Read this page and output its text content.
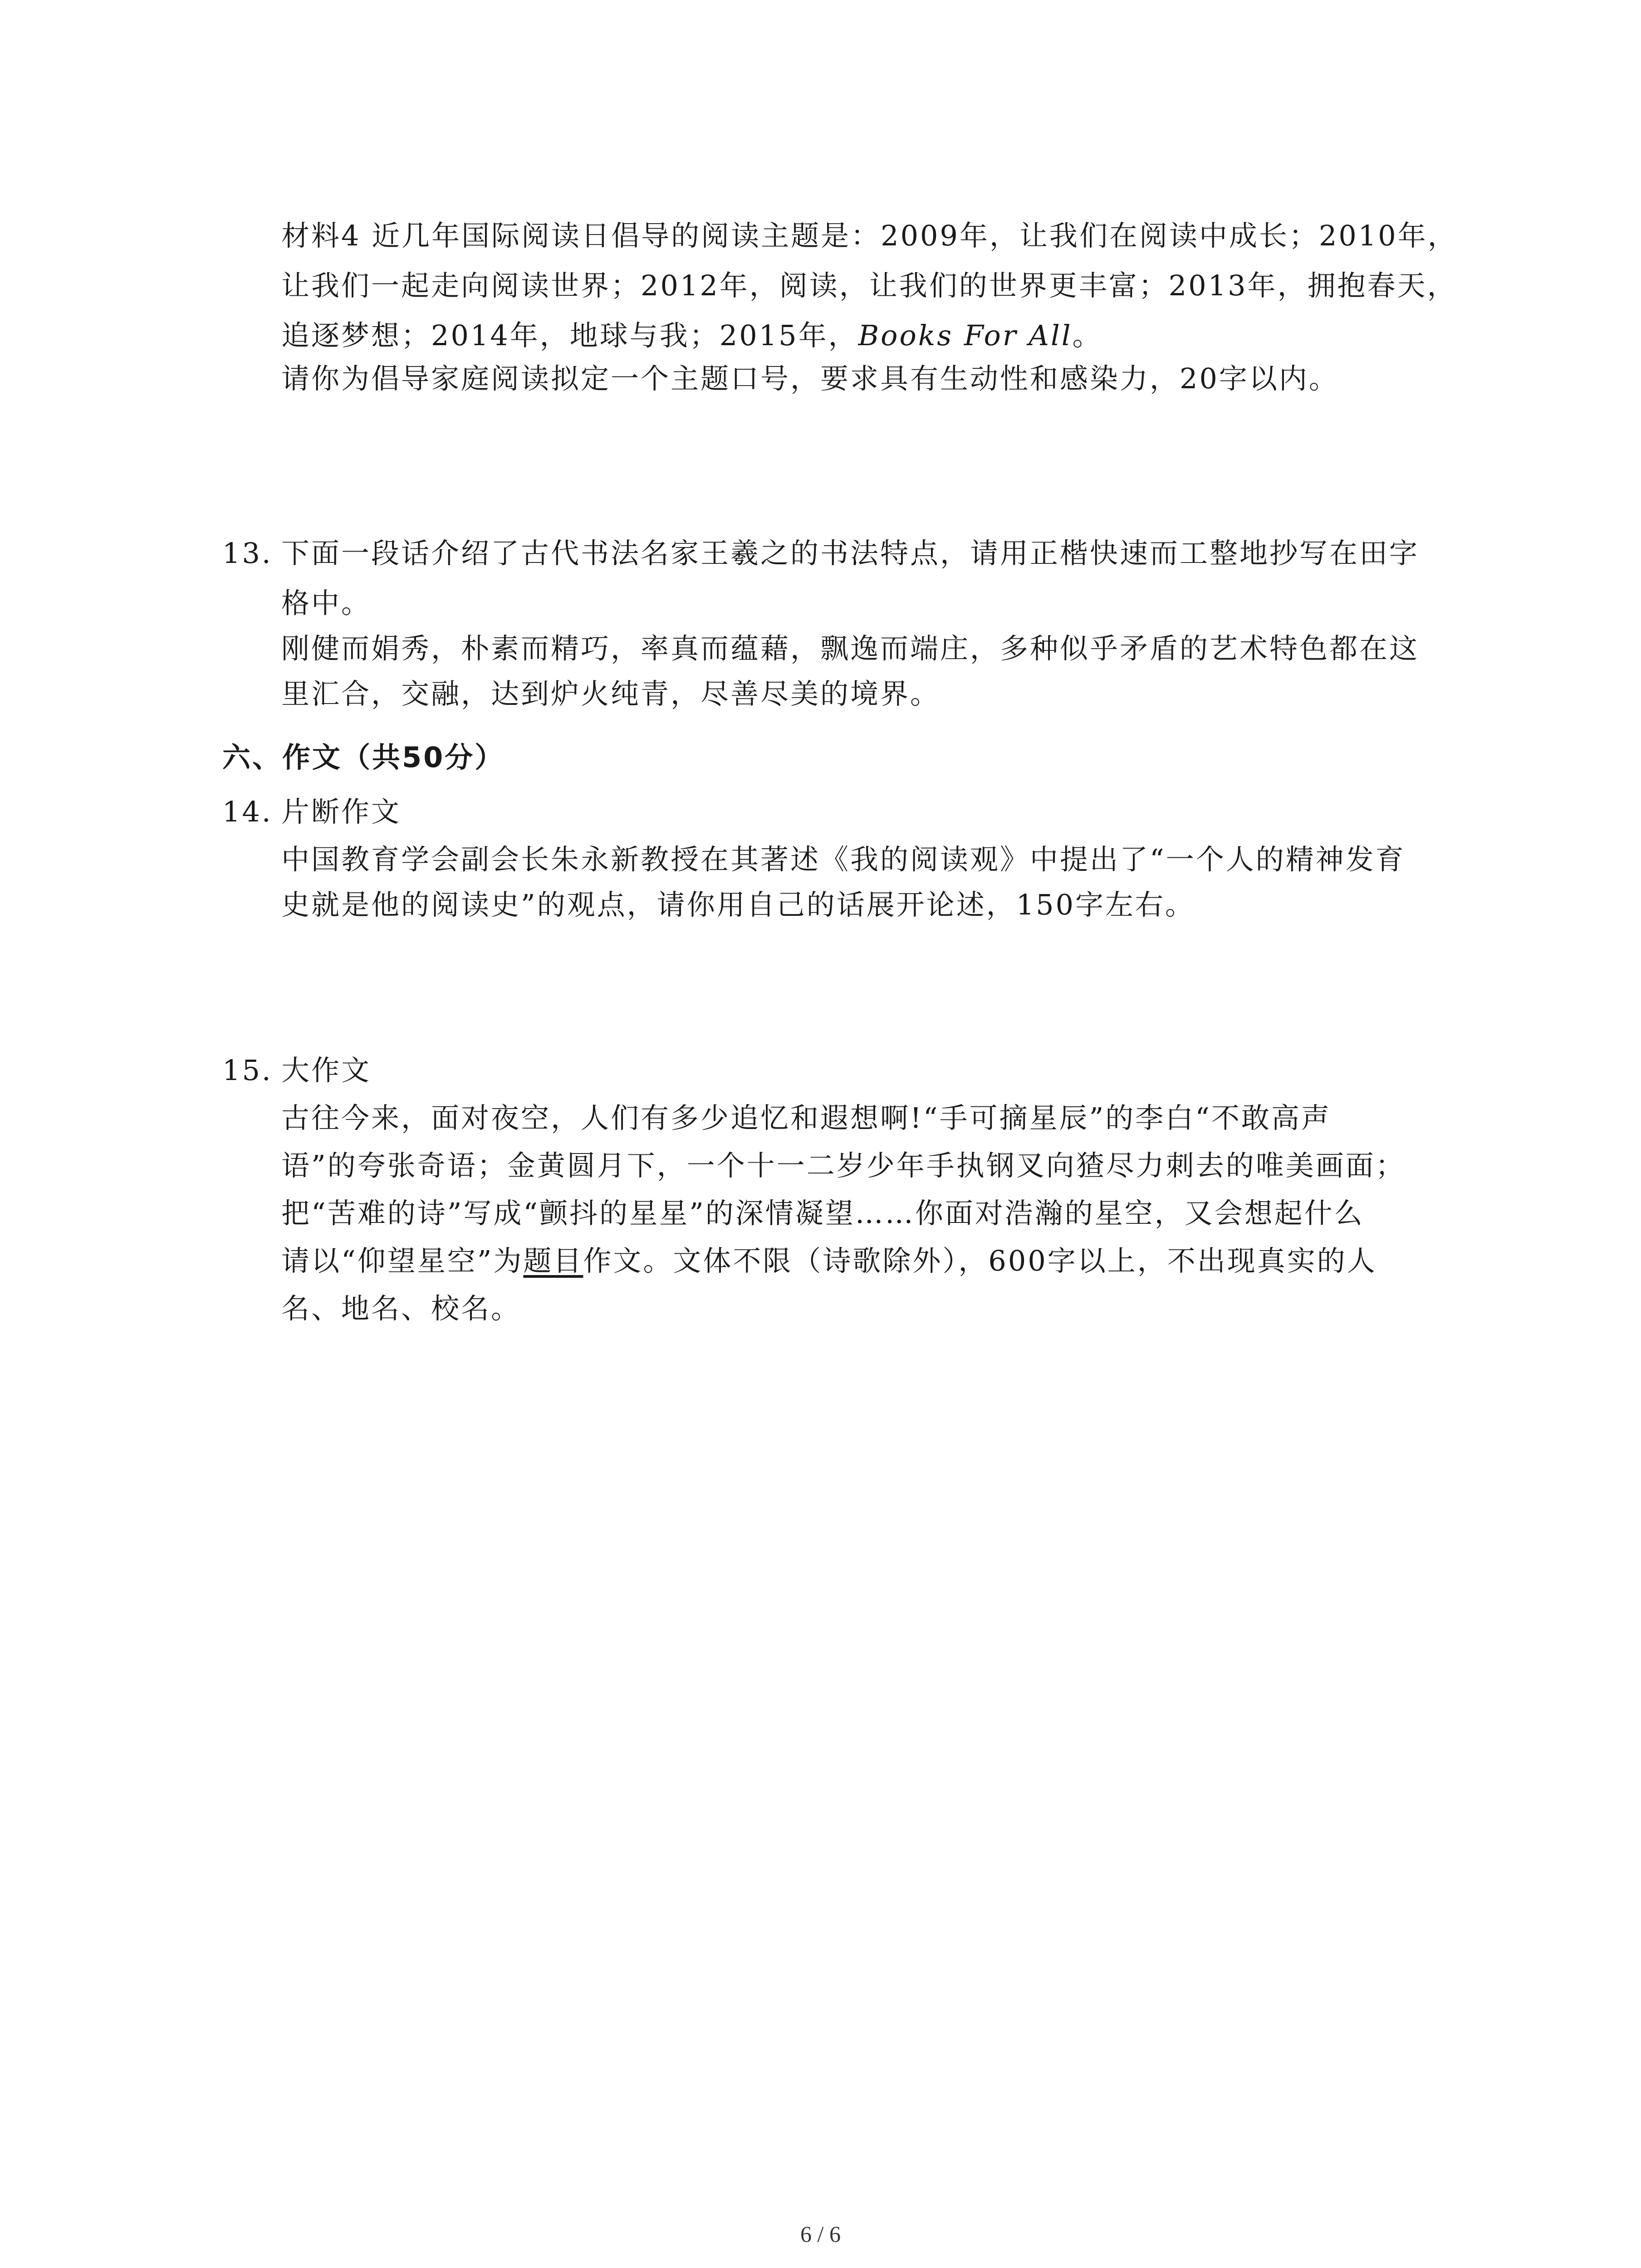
材料4 近几年国际阅读日倡导的阅读主题是：2009年，让我们在阅读中成长；2010年，
让我们一起走向阅读世界；2012年，阅读，让我们的世界更丰富；2013年，拥抱春天，
追逐梦想；2014年，地球与我；2015年，Books For All。
请你为倡导家庭阅读拟定一个主题口号，要求具有生动性和感染力，20字以内。
13. 下面一段话介绍了古代书法名家王羲之的书法特点，请用正楷快速而工整地抄写在田字
格中。
刚健而娟秀，朴素而精巧，率真而蕴藉，飘逸而端庄，多种似乎矛盾的艺术特色都在这
里汇合，交融，达到炉火纯青，尽善尽美的境界。
六、作文（共50分）
14. 片断作文
中国教育学会副会长朱永新教授在其著述《我的阅读观》中提出了“一个人的精神发育
史就是他的阅读史”的观点，请你用自己的话展开论述，150字左右。
15. 大作文
古往今来，面对夜空，人们有多少追忆和遐想啊!“手可摘星辰”的李白“不敢高声
语”的夸张奇语；金黄圆月下，一个十一二岁少年手执钢叉向猹尽力刺去的唯美画面；
把“苦难的诗”写成“颤抖的星星”的深情凝望……你面对浩瀚的星空，又会想起什么
请以“仰望星空”为题目作文。文体不限（诗歌除外），600字以上，不出现真实的人
名、地名、校名。
6 / 6
